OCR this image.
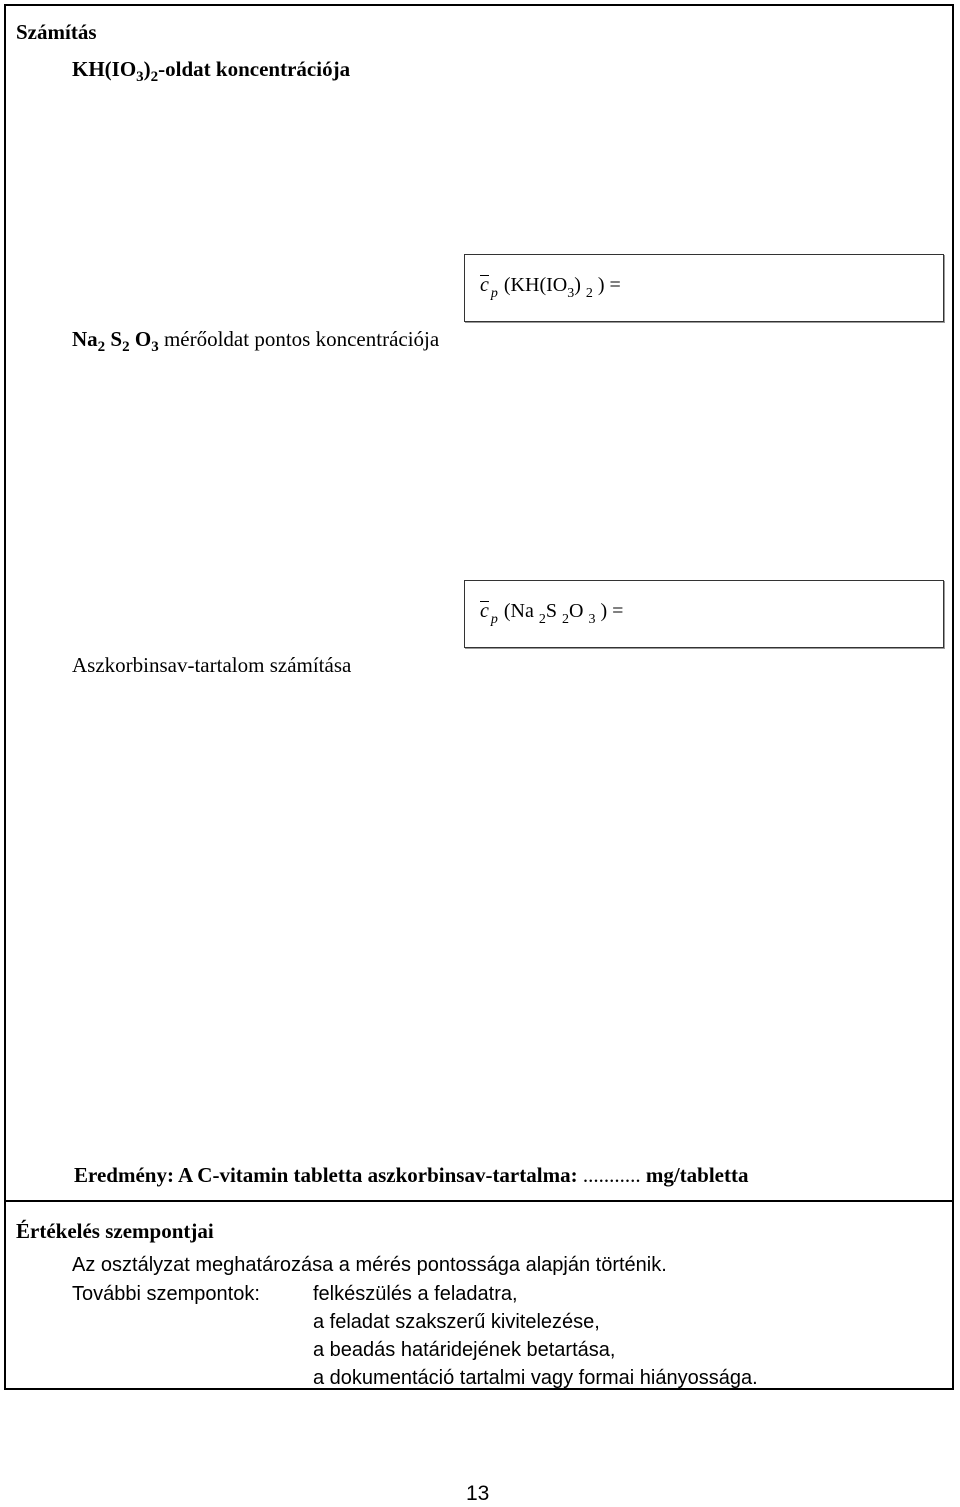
Számítás
$KH(IO_3)_2$-oldat koncentrációja
c $_p$ ($KH(IO_3)$ $_2$ ) =
$Na_2$ $S_2$ $O_3$ mérőoldat pontos koncentrációja
c $_p$ (Na $_2$S $_2$O $_3$ ) =
Aszkorbinsav-tartalom számítása
Eredmény: A C-vitamin tabletta aszkorbinsav-tartalma: ........... mg/tabletta
Értékelés szempontjai
Az osztályzat meghatározása a mérés pontossága alapján történik.
További szempontok:	felkészülés a feladatra,
a feladat szakszerű kivitelezése,
a beadás határidejének betartása,
a dokumentáció tartalmi vagy formai hiányossága.
13
